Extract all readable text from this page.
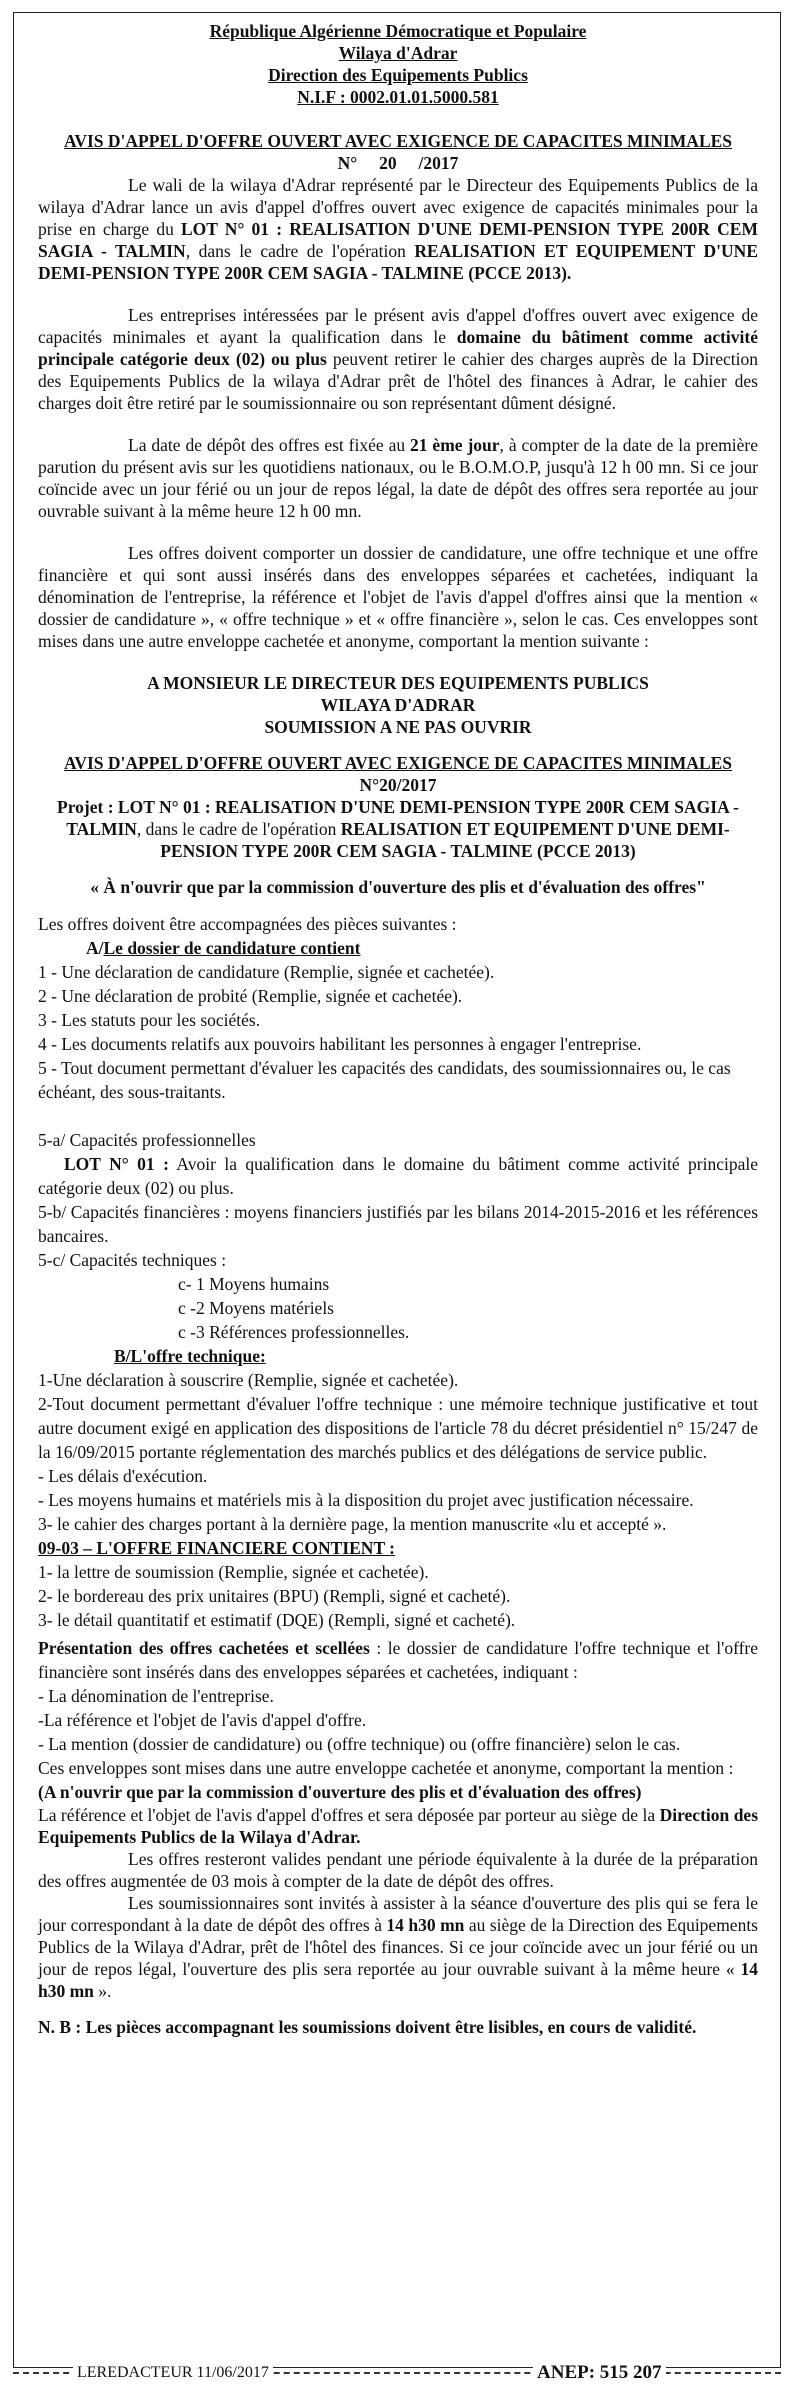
République Algérienne Démocratique et Populaire
Wilaya d'Adrar
Direction des Equipements Publics
N.I.F : 0002.01.01.5000.581
AVIS D'APPEL D'OFFRE OUVERT AVEC EXIGENCE DE CAPACITES MINIMALES
N°     20     /2017

Le wali de la wilaya d'Adrar représenté par le Directeur des Equipements Publics de la wilaya d'Adrar lance un avis d'appel d'offres ouvert avec exigence de capacités minimales pour la prise en charge du LOT N° 01 : REALISATION D'UNE DEMI-PENSION TYPE 200R CEM SAGIA - TALMIN, dans le cadre de l'opération REALISATION ET EQUIPEMENT D'UNE DEMI-PENSION TYPE 200R CEM SAGIA - TALMINE (PCCE 2013).

Les entreprises intéressées par le présent avis d'appel d'offres ouvert avec exigence de capacités minimales et ayant la qualification dans le domaine du bâtiment comme activité principale catégorie deux (02) ou plus peuvent retirer le cahier des charges auprès de la Direction des Equipements Publics de la wilaya d'Adrar prêt de l'hôtel des finances à Adrar, le cahier des charges doit être retiré par le soumissionnaire ou son représentant dûment désigné.

La date de dépôt des offres est fixée au 21 ème jour, à compter de la date de la première parution du présent avis sur les quotidiens nationaux, ou le B.O.M.O.P, jusqu'à 12 h 00 mn. Si ce jour coïncide avec un jour férié ou un jour de repos légal, la date de dépôt des offres sera reportée au jour ouvrable suivant à la même heure 12 h 00 mn.

Les offres doivent comporter un dossier de candidature, une offre technique et une offre financière et qui sont aussi insérés dans des enveloppes séparées et cachetées, indiquant la dénomination de l'entreprise, la référence et l'objet de l'avis d'appel d'offres ainsi que la mention « dossier de candidature », « offre technique » et « offre financière », selon le cas. Ces enveloppes sont mises dans une autre enveloppe cachetée et anonyme, comportant la mention suivante :

A MONSIEUR LE DIRECTEUR DES EQUIPEMENTS PUBLICS
WILAYA D'ADRAR
SOUMISSION A NE PAS OUVRIR
AVIS D'APPEL D'OFFRE OUVERT AVEC EXIGENCE DE CAPACITES MINIMALES
N°20/2017

Projet : LOT N° 01 : REALISATION D'UNE DEMI-PENSION TYPE 200R CEM SAGIA - TALMIN, dans le cadre de l'opération REALISATION ET EQUIPEMENT D'UNE DEMI-PENSION TYPE 200R CEM SAGIA - TALMINE (PCCE 2013)

« À n'ouvrir que par la commission d'ouverture des plis et d'évaluation des offres"

Les offres doivent être accompagnées des pièces suivantes :

A/Le dossier de candidature contient

1 - Une déclaration de candidature (Remplie, signée et cachetée).

2 - Une déclaration de probité (Remplie, signée et cachetée).

3 - Les statuts pour les sociétés.

4 - Les documents relatifs aux pouvoirs habilitant les personnes à engager l'entreprise.

5 - Tout document permettant d'évaluer les capacités des candidats, des soumissionnaires ou, le cas échéant, des sous-traitants.

5-a/ Capacités professionnelles

LOT N° 01 : Avoir la qualification dans le domaine du bâtiment comme activité principale catégorie deux (02) ou plus.

5-b/ Capacités financières : moyens financiers justifiés par les bilans 2014-2015-2016 et les références bancaires.

5-c/ Capacités techniques :

c- 1 Moyens humains

c -2 Moyens matériels

c -3 Références professionnelles.

B/L'offre technique:

1-Une déclaration à souscrire (Remplie, signée et cachetée).

2-Tout document permettant d'évaluer l'offre technique : une mémoire technique justificative et tout autre document exigé en application des dispositions de l'article 78 du décret présidentiel n° 15/247 de la 16/09/2015 portante réglementation des marchés publics et des délégations de service public.

- Les délais d'exécution.

- Les moyens humains et matériels mis à la disposition du projet avec justification nécessaire.

3- le cahier des charges portant à la dernière page, la mention manuscrite «lu et accepté ».

09-03 – L'OFFRE FINANCIERE CONTIENT :

1- la lettre de soumission (Remplie, signée et cachetée).

2- le bordereau des prix unitaires (BPU) (Rempli, signé et cacheté).

3- le détail quantitatif et estimatif (DQE) (Rempli, signé et cacheté).

Présentation des offres cachetées et scellées : le dossier de candidature l'offre technique et l'offre financière sont insérés dans des enveloppes séparées et cachetées, indiquant :

- La dénomination de l'entreprise.

-La référence et l'objet de l'avis d'appel d'offre.

- La mention (dossier de candidature) ou (offre technique) ou (offre financière) selon le cas.

Ces enveloppes sont mises dans une autre enveloppe cachetée et anonyme, comportant la mention :

(A n'ouvrir que par la commission d'ouverture des plis et d'évaluation des offres)

La référence et l'objet de l'avis d'appel d'offres et sera déposée par porteur au siège de la Direction des Equipements Publics de la Wilaya d'Adrar.

Les offres resteront valides pendant une période équivalente à la durée de la préparation des offres augmentée de 03 mois à compter de la date de dépôt des offres.

Les soumissionnaires sont invités à assister à la séance d'ouverture des plis qui se fera le jour correspondant à la date de dépôt des offres à 14 h30 mn au siège de la Direction des Equipements Publics de la Wilaya d'Adrar, prêt de l'hôtel des finances. Si ce jour coïncide avec un jour férié ou un jour de repos légal, l'ouverture des plis sera reportée au jour ouvrable suivant à la même heure « 14 h30 mn ».

N. B : Les pièces accompagnant les soumissions doivent être lisibles, en cours de validité.

LEREDACTEUR 11/06/2017	ANEP: 515 207
